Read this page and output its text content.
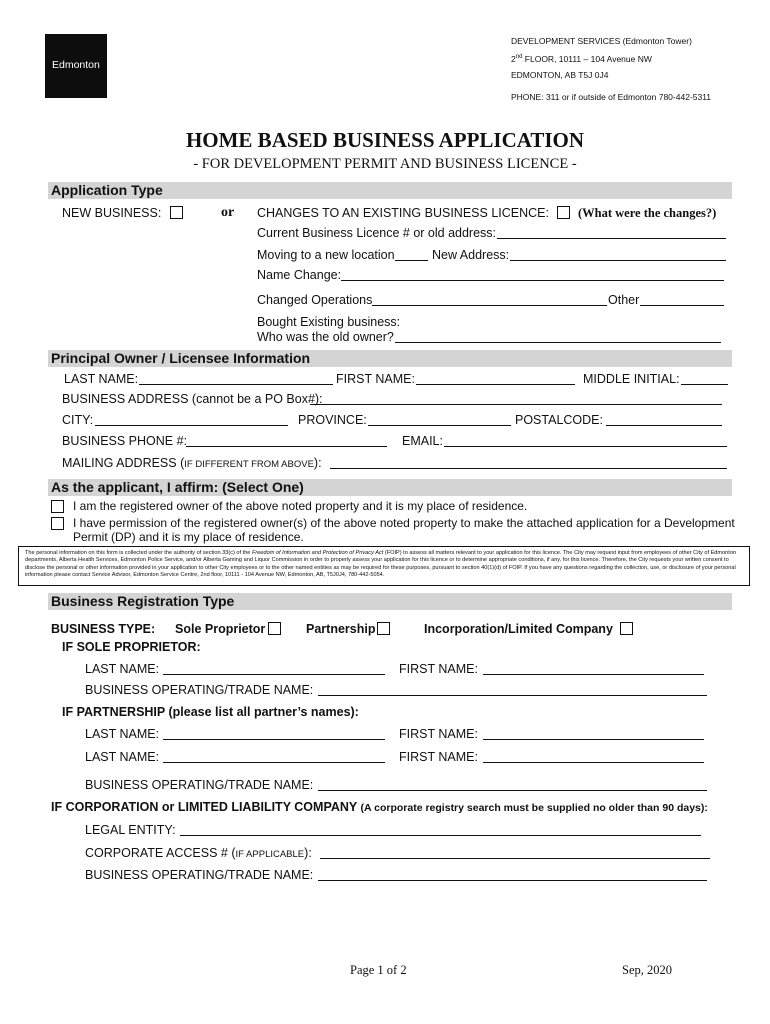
Edmonton
DEVELOPMENT SERVICES (Edmonton Tower)
2nd FLOOR, 10111 – 104 Avenue NW
EDMONTON, AB T5J 0J4
PHONE: 311 or if outside of Edmonton 780-442-5311
HOME BASED BUSINESS APPLICATION
- FOR DEVELOPMENT PERMIT AND BUSINESS LICENCE -
Application Type
NEW BUSINESS:	or CHANGES TO AN EXISTING BUSINESS LICENCE: (What were the changes?)
Current Business Licence # or old address:
Moving to a new location	New Address:
Name Change:
Changed Operations	Other
Bought Existing business:
Who was the old owner?
Principal Owner / Licensee Information
LAST NAME:	FIRST NAME:	MIDDLE INITIAL:
BUSINESS ADDRESS (cannot be a PO Box#):
CITY:	PROVINCE:	POSTALCODE:
BUSINESS PHONE #:	EMAIL:
MAILING ADDRESS (IF DIFFERENT FROM ABOVE):
As the applicant, I affirm: (Select One)
I am the registered owner of the above noted property and it is my place of residence.
I have permission of the registered owner(s) of the above noted property to make the attached application for a Development
Permit (DP) and it is my place of residence.
The personal information on this form is collected under the authority of section 33(c) of the Freedom of Information and Protection of Privacy Act (FOIP) to assess all matters relevant to your application for this licence. The City may request input from employees of other City of Edmonton departments, Alberta Health Services, Edmonton Police Service, and/or Alberta Gaming and Liquor Commission in order to properly assess your application for this licence or to determine appropriate conditions, if any, for this licence. Therefore, the City requests your written consent to disclose the personal or other information provided in your application to other City employees or to the other named entities as may be required for these purposes, pursuant to section 40(1)(d) of FOIP. If you have any questions regarding the collection, use, or disclosure of your personal information please contact Service Advisor, Edmonton Service Centre, 2nd floor, 10111 - 104 Avenue NW, Edmonton, AB, T5J0J4, 780-442-5054.
Business Registration Type
BUSINESS TYPE: Sole Proprietor	Partnership	Incorporation/Limited Company
IF SOLE PROPRIETOR:
LAST NAME:	FIRST NAME:
BUSINESS OPERATING/TRADE NAME:
IF PARTNERSHIP (please list all partner’s names):
LAST NAME:	FIRST NAME:
LAST NAME:	FIRST NAME:
BUSINESS OPERATING/TRADE NAME:
IF CORPORATION or LIMITED LIABILITY COMPANY (A corporate registry search must be supplied no older than 90 days):
LEGAL ENTITY:
CORPORATE ACCESS # (IF APPLICABLE):
BUSINESS OPERATING/TRADE NAME:
Page 1 of 2	Sep, 2020
